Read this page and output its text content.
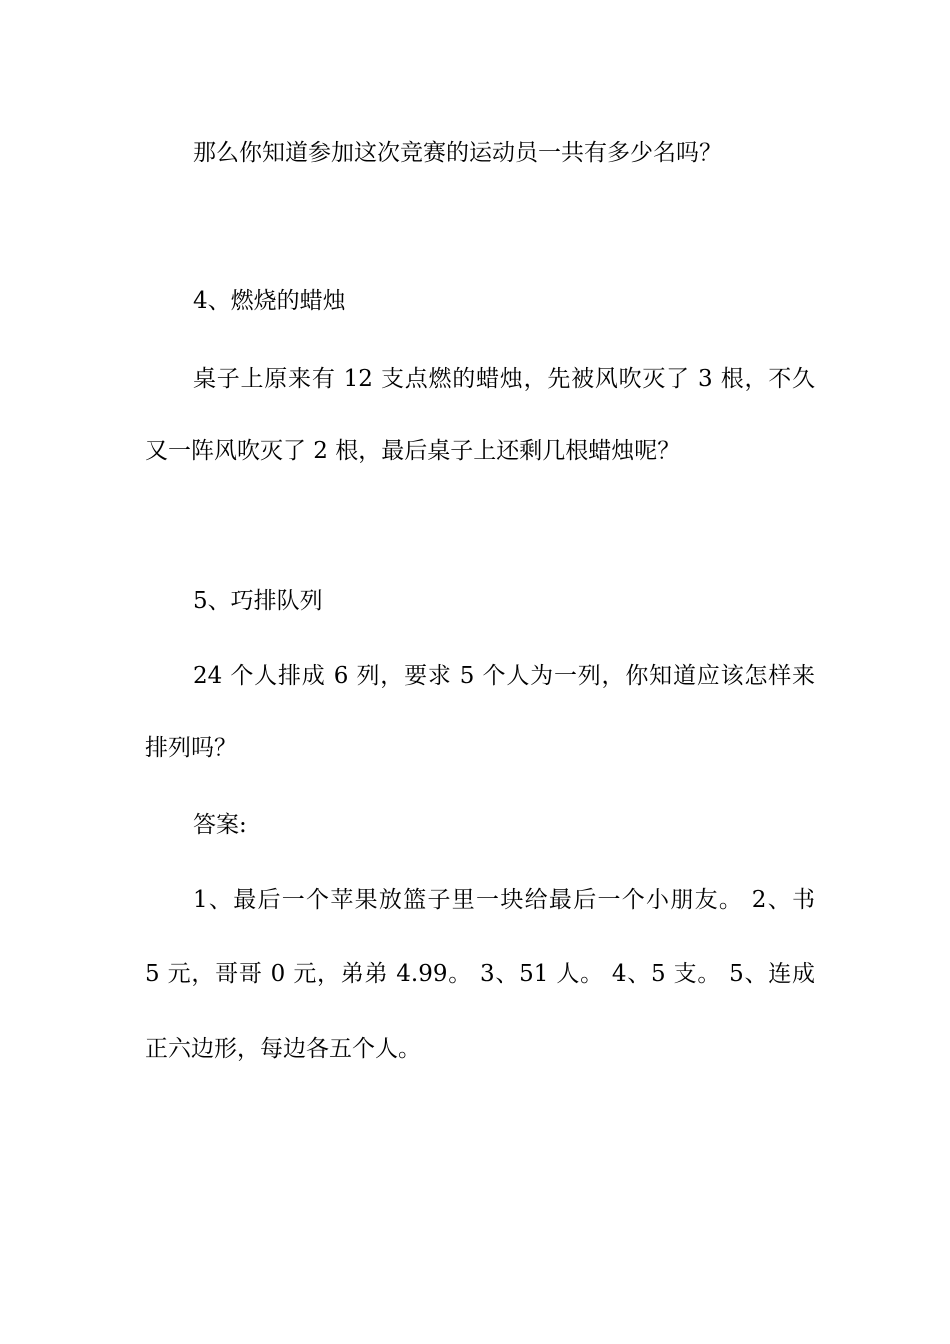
那么你知道参加这次竞赛的运动员一共有多少名吗？
4、燃烧的蜡烛
桌子上原来有 12 支点燃的蜡烛，先被风吹灭了 3 根，不久
又一阵风吹灭了 2 根，最后桌子上还剩几根蜡烛呢？
5、巧排队列
24 个人排成 6 列，要求 5 个人为一列，你知道应该怎样来
排列吗？
答案:
1、最后一个苹果放篮子里一块给最后一个小朋友。 2、书
5 元，哥哥 0 元，弟弟 4.99。 3、51 人。 4、5 支。 5、连成
正六边形，每边各五个人。
